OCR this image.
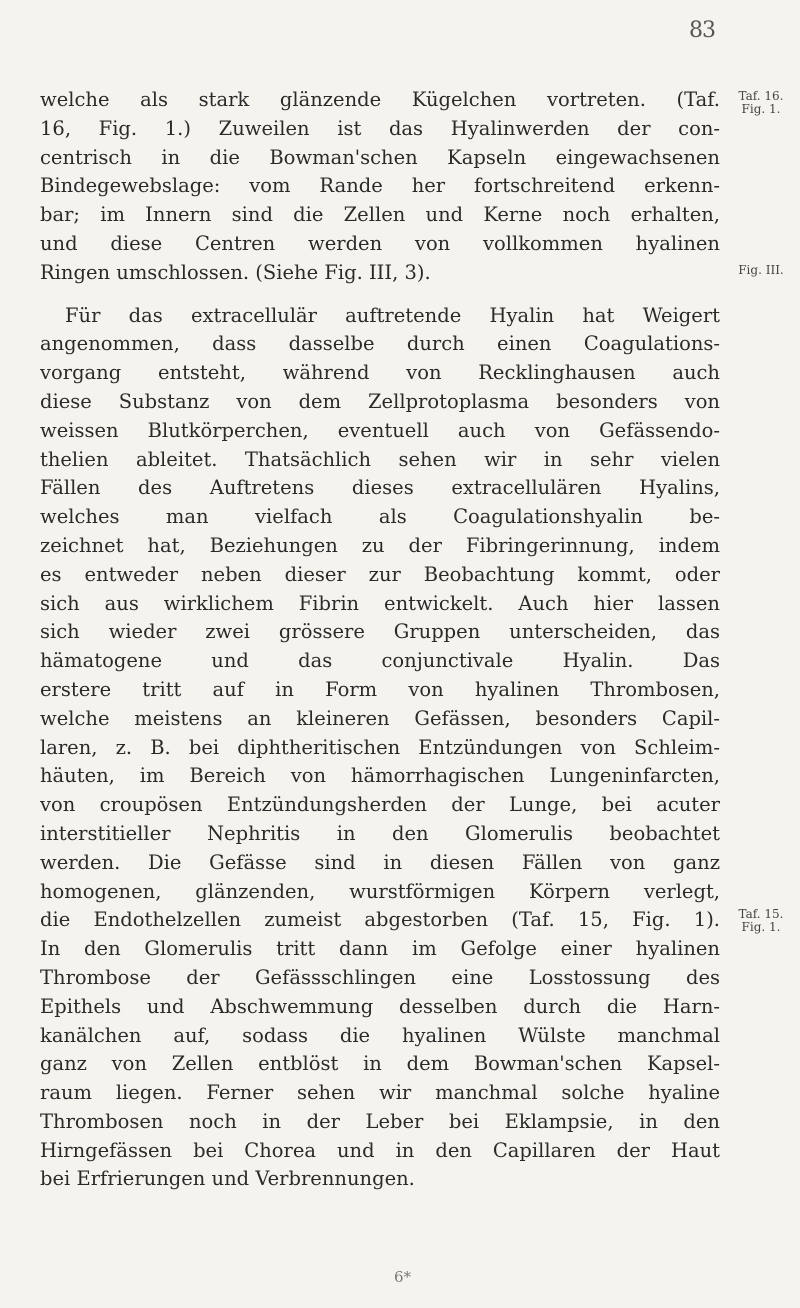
83
welche als stark glänzende Kügelchen vortreten. (Taf.
16, Fig. 1.) Zuweilen ist das Hyalinwerden der con-
centrisch in die Bowman'schen Kapseln eingewachsenen
Bindegewebslage: vom Rande her fortschreitend erkenn-
bar; im Innern sind die Zellen und Kerne noch erhalten,
und diese Centren werden von vollkommen hyalinen
Ringen umschlossen. (Siehe Fig. III, 3).
Für das extracellulär auftretende Hyalin hat Weigert
angenommen, dass dasselbe durch einen Coagulations-
vorgang entsteht, während von Recklinghausen auch
diese Substanz von dem Zellprotoplasma besonders von
weissen Blutkörperchen, eventuell auch von Gefässendo-
thelien ableitet. Thatsächlich sehen wir in sehr vielen
Fällen des Auftretens dieses extracellulären Hyalins,
welches man vielfach als Coagulationshyalin be-
zeichnet hat, Beziehungen zu der Fibringerinnung, indem
es entweder neben dieser zur Beobachtung kommt, oder
sich aus wirklichem Fibrin entwickelt. Auch hier lassen
sich wieder zwei grössere Gruppen unterscheiden, das
hämatogene und das conjunctivale Hyalin. Das
erstere tritt auf in Form von hyalinen Thrombosen,
welche meistens an kleineren Gefässen, besonders Capil-
laren, z. B. bei diphtheritischen Entzündungen von Schleim-
häuten, im Bereich von hämorrhagischen Lungeninfarcten,
von croupösen Entzündungsherden der Lunge, bei acuter
interstitieller Nephritis in den Glomerulis beobachtet
werden. Die Gefässe sind in diesen Fällen von ganz
homogenen, glänzenden, wurstförmigen Körpern verlegt,
die Endothelzellen zumeist abgestorben (Taf. 15, Fig. 1).
In den Glomerulis tritt dann im Gefolge einer hyalinen
Thrombose der Gefässschlingen eine Losstossung des
Epithels und Abschwemmung desselben durch die Harn-
kanälchen auf, sodass die hyalinen Wülste manchmal
ganz von Zellen entblöst in dem Bowman'schen Kapsel-
raum liegen. Ferner sehen wir manchmal solche hyaline
Thrombosen noch in der Leber bei Eklampsie, in den
Hirngefässen bei Chorea und in den Capillaren der Haut
bei Erfrierungen und Verbrennungen.
Taf. 16.
Fig. 1.
Fig. III.
Taf. 15.
Fig. 1.
6*
